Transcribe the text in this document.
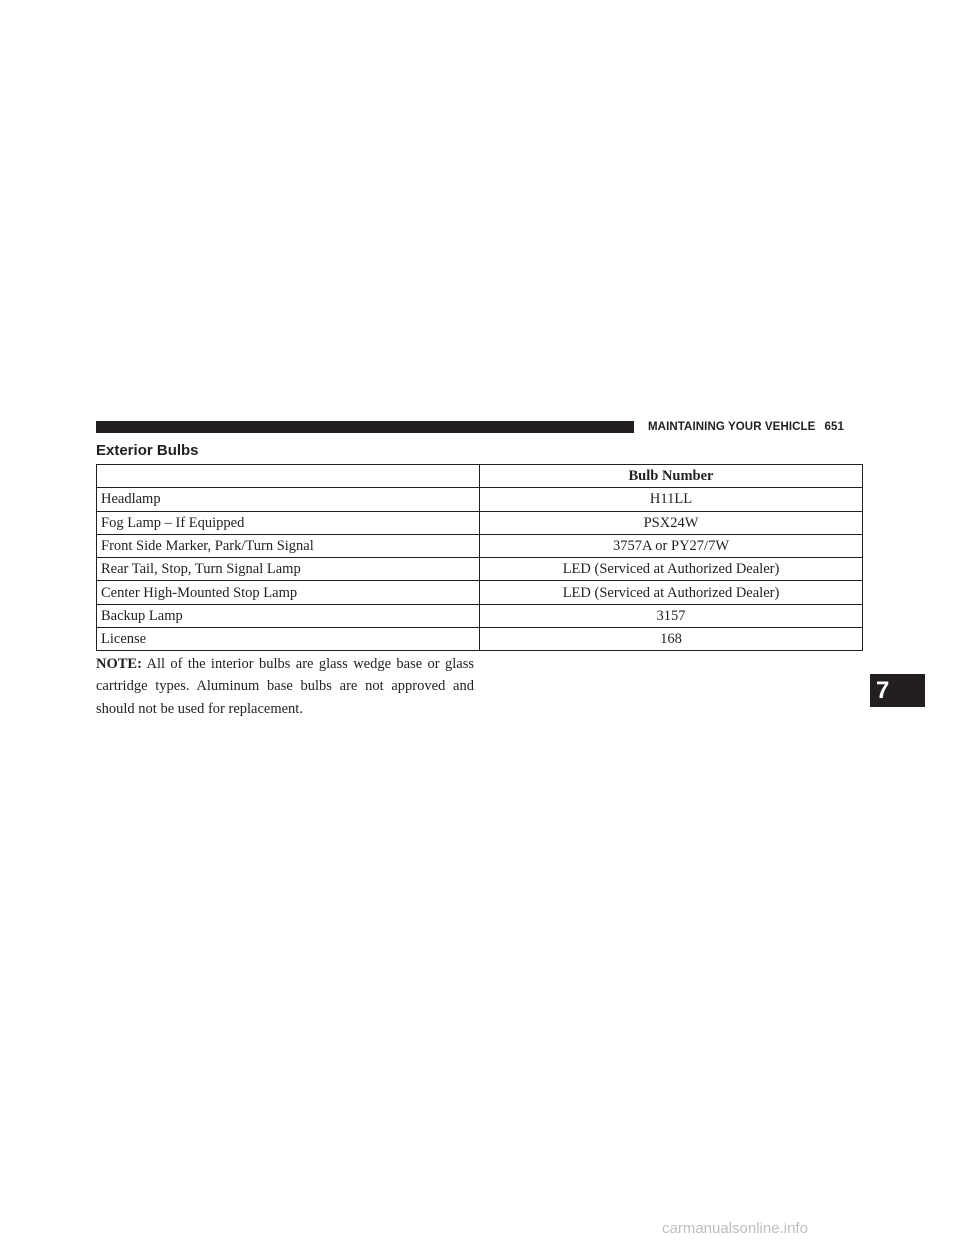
MAINTAINING YOUR VEHICLE 651
Exterior Bulbs
	Bulb Number
Headlamp	H11LL
Fog Lamp – If Equipped	PSX24W
Front Side Marker, Park/Turn Signal	3757A or PY27/7W
Rear Tail, Stop, Turn Signal Lamp	LED (Serviced at Authorized Dealer)
Center High-Mounted Stop Lamp	LED (Serviced at Authorized Dealer)
Backup Lamp	3157
License	168
NOTE: All of the interior bulbs are glass wedge base or glass cartridge types. Aluminum base bulbs are not approved and should not be used for replacement.
7
carmanualsonline.info
